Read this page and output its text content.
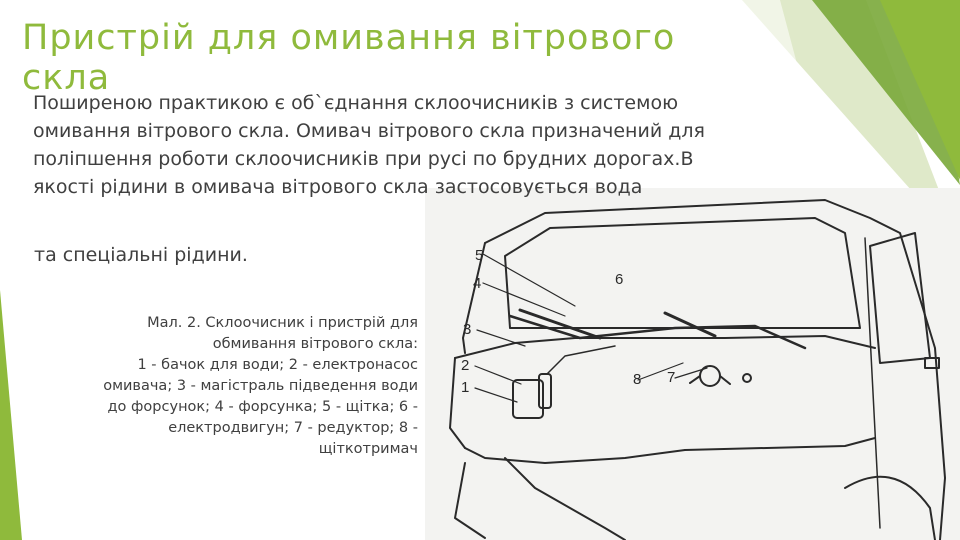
5
4
3
2
1
6
8 7
Пристрій для омивання вітрового скла

Поширеною практикою є об`єднання склоочисників з системою омивання вітрового скла. Омивач вітрового скла призначений для поліпшення роботи склоочисників при русі по брудних дорогах.В якості рідини в омивача вітрового скла застосовується вода

та спеціальні рідини.

Мал. 2. Склоочисник і пристрій для
обмивання вітрового скла:
1 - бачок для води; 2 - електронасос
омивача; 3 - магістраль підведення води
до форсунок; 4 - форсунка; 5 - щітка; 6 -
електродвигун; 7 - редуктор; 8 -
щіткотримач
